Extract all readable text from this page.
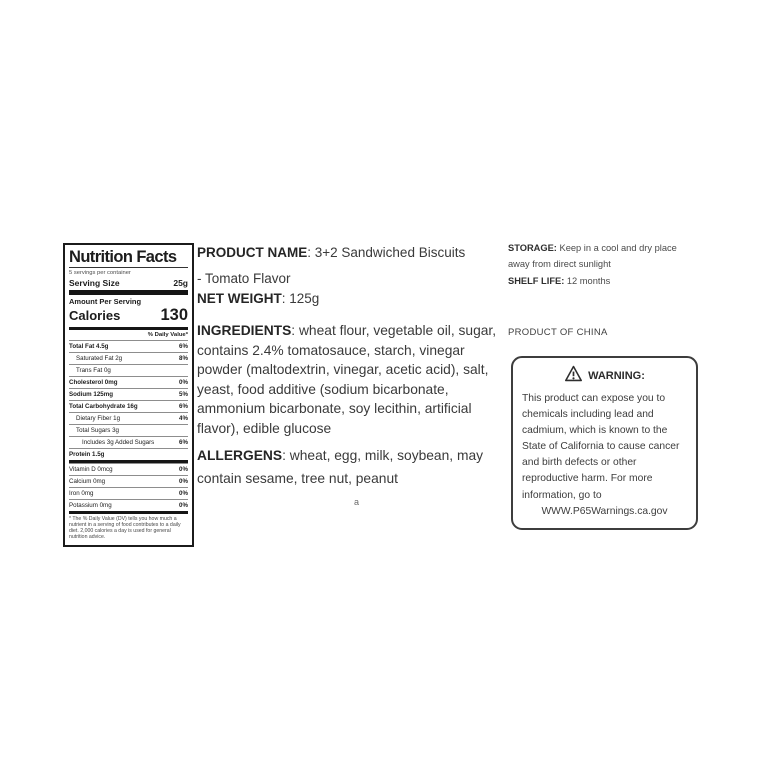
Nutrition Facts
5 servings per container
Serving Size	25g
Amount Per Serving
Calories 130
% Daily Value*
Total Fat 4.5g	6%
Saturated Fat 2g	8%
Trans Fat 0g
Cholesterol 0mg	0%
Sodium 125mg	5%
Total Carbohydrate 16g	6%
Dietary Fiber 1g	4%
Total Sugars 3g
Includes 3g Added Sugars	6%
Protein 1.5g
Vitamin D 0mcg	0%
Calcium 0mg	0%
Iron 0mg	0%
Potassium 0mg	0%
* The % Daily Value (DV) tells you how much a nutrient in a serving of food contributes to a daily diet. 2,000 calories a day is used for general nutrition advice.
PRODUCT NAME: 3+2 Sandwiched Biscuits
- Tomato Flavor
NET WEIGHT: 125g
INGREDIENTS: wheat flour, vegetable oil, sugar, contains 2.4% tomatosauce, starch, vinegar powder (maltodextrin, vinegar, acetic acid), salt, yeast, food additive (sodium bicarbonate, ammonium bicarbonate, soy lecithin, artificial flavor), edible glucose
ALLERGENS: wheat, egg, milk, soybean, may contain sesame, tree nut, peanut
a
STORAGE: Keep in a cool and dry place away from direct sunlight
SHELF LIFE: 12 months
PRODUCT OF CHINA
WARNING:
This product can expose you to
chemicals including lead and
cadmium, which is known to the
State of California to cause cancer
and birth defects or other
reproductive harm. For more
information, go to
WWW.P65Warnings.ca.gov
